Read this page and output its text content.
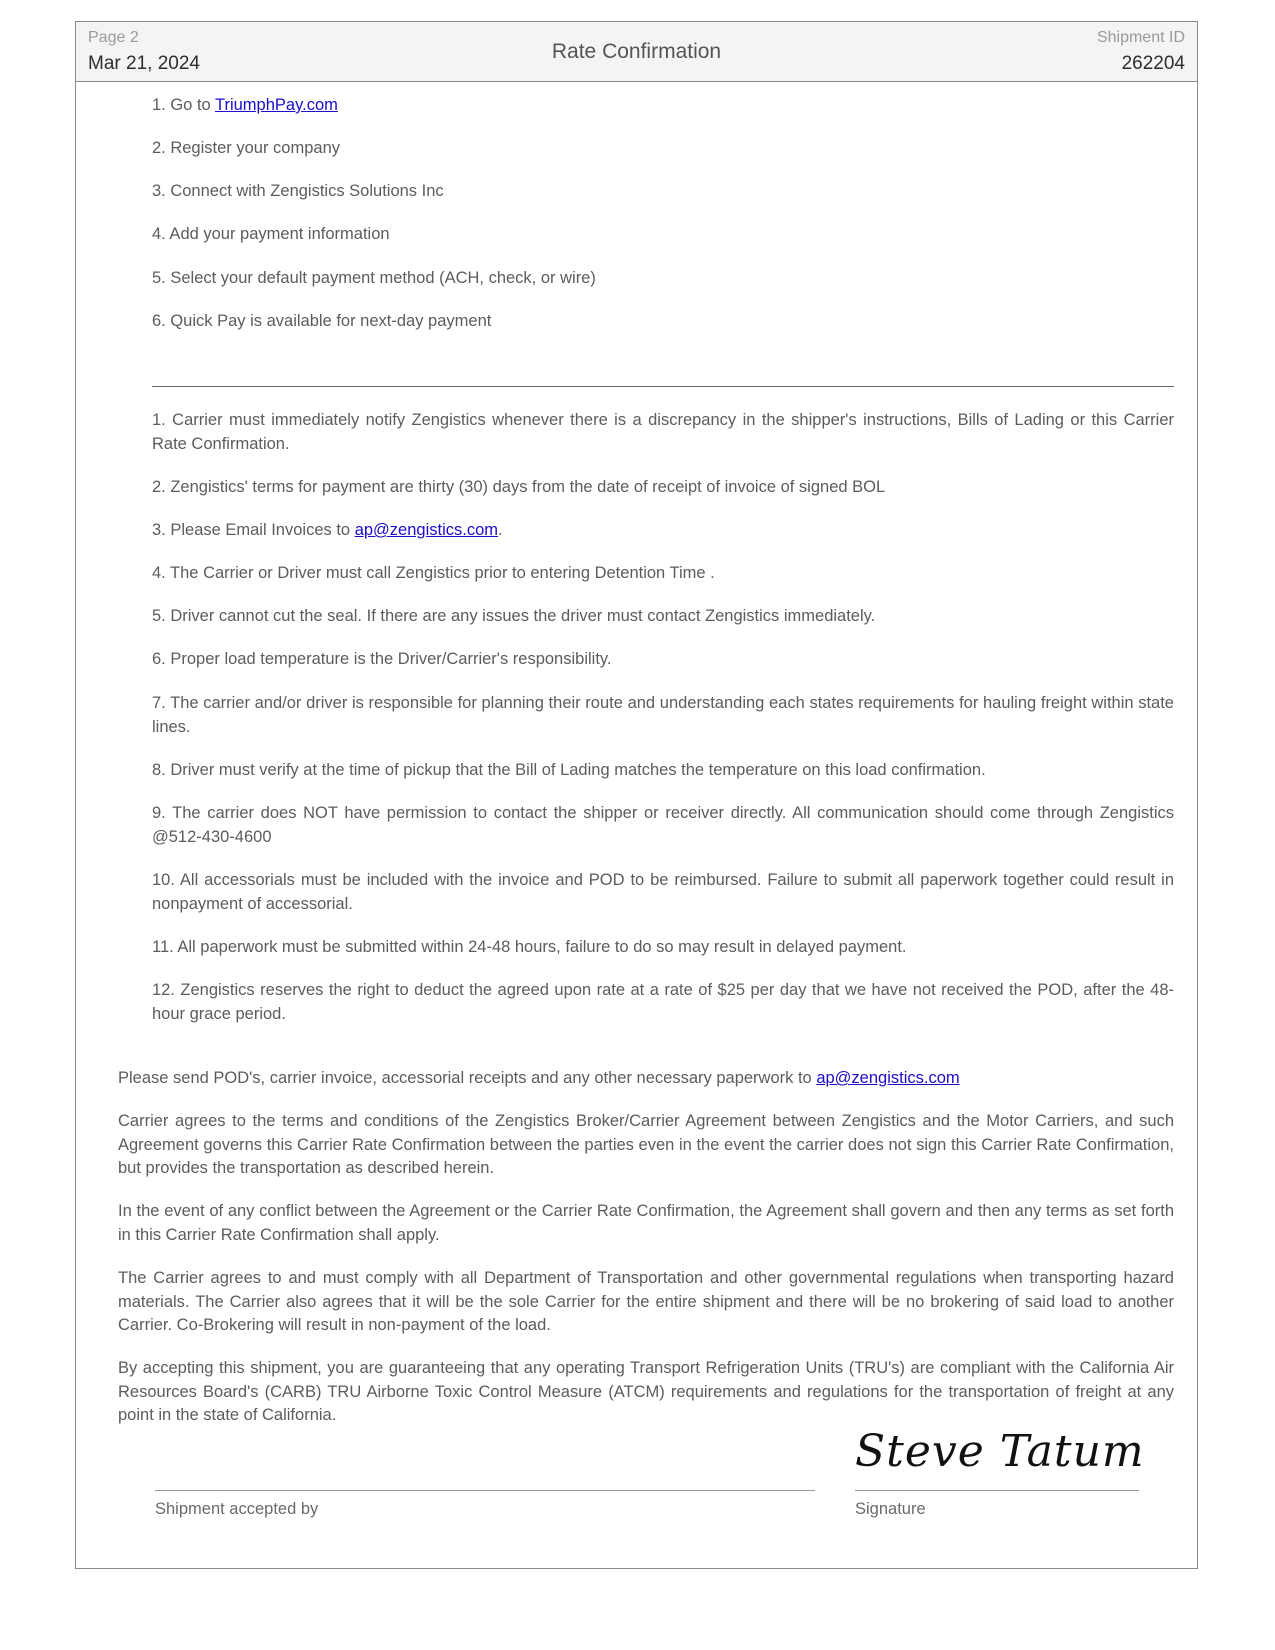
Page 2
Mar 21, 2024
Rate Confirmation
Shipment ID
262204
1. Go to TriumphPay.com
2. Register your company
3. Connect with Zengistics Solutions Inc
4. Add your payment information
5. Select your default payment method (ACH, check, or wire)
6. Quick Pay is available for next-day payment
1. Carrier must immediately notify Zengistics whenever there is a discrepancy in the shipper's instructions, Bills of Lading or this Carrier Rate Confirmation.
2. Zengistics' terms for payment are thirty (30) days from the date of receipt of invoice of signed BOL
3. Please Email Invoices to ap@zengistics.com.
4. The Carrier or Driver must call Zengistics prior to entering Detention Time .
5. Driver cannot cut the seal. If there are any issues the driver must contact Zengistics immediately.
6. Proper load temperature is the Driver/Carrier's responsibility.
7. The carrier and/or driver is responsible for planning their route and understanding each states requirements for hauling freight within state lines.
8. Driver must verify at the time of pickup that the Bill of Lading matches the temperature on this load confirmation.
9. The carrier does NOT have permission to contact the shipper or receiver directly. All communication should come through Zengistics @512-430-4600
10. All accessorials must be included with the invoice and POD to be reimbursed. Failure to submit all paperwork together could result in nonpayment of accessorial.
11. All paperwork must be submitted within 24-48 hours, failure to do so may result in delayed payment.
12. Zengistics reserves the right to deduct the agreed upon rate at a rate of $25 per day that we have not received the POD, after the 48-hour grace period.
Please send POD's, carrier invoice, accessorial receipts and any other necessary paperwork to ap@zengistics.com
Carrier agrees to the terms and conditions of the Zengistics Broker/Carrier Agreement between Zengistics and the Motor Carriers, and such Agreement governs this Carrier Rate Confirmation between the parties even in the event the carrier does not sign this Carrier Rate Confirmation, but provides the transportation as described herein.
In the event of any conflict between the Agreement or the Carrier Rate Confirmation, the Agreement shall govern and then any terms as set forth in this Carrier Rate Confirmation shall apply.
The Carrier agrees to and must comply with all Department of Transportation and other governmental regulations when transporting hazard materials. The Carrier also agrees that it will be the sole Carrier for the entire shipment and there will be no brokering of said load to another Carrier. Co-Brokering will result in non-payment of the load.
By accepting this shipment, you are guaranteeing that any operating Transport Refrigeration Units (TRU's) are compliant with the California Air Resources Board's (CARB) TRU Airborne Toxic Control Measure (ATCM) requirements and regulations for the transportation of freight at any point in the state of California.
Steve Tatum
Shipment accepted by	Signature
